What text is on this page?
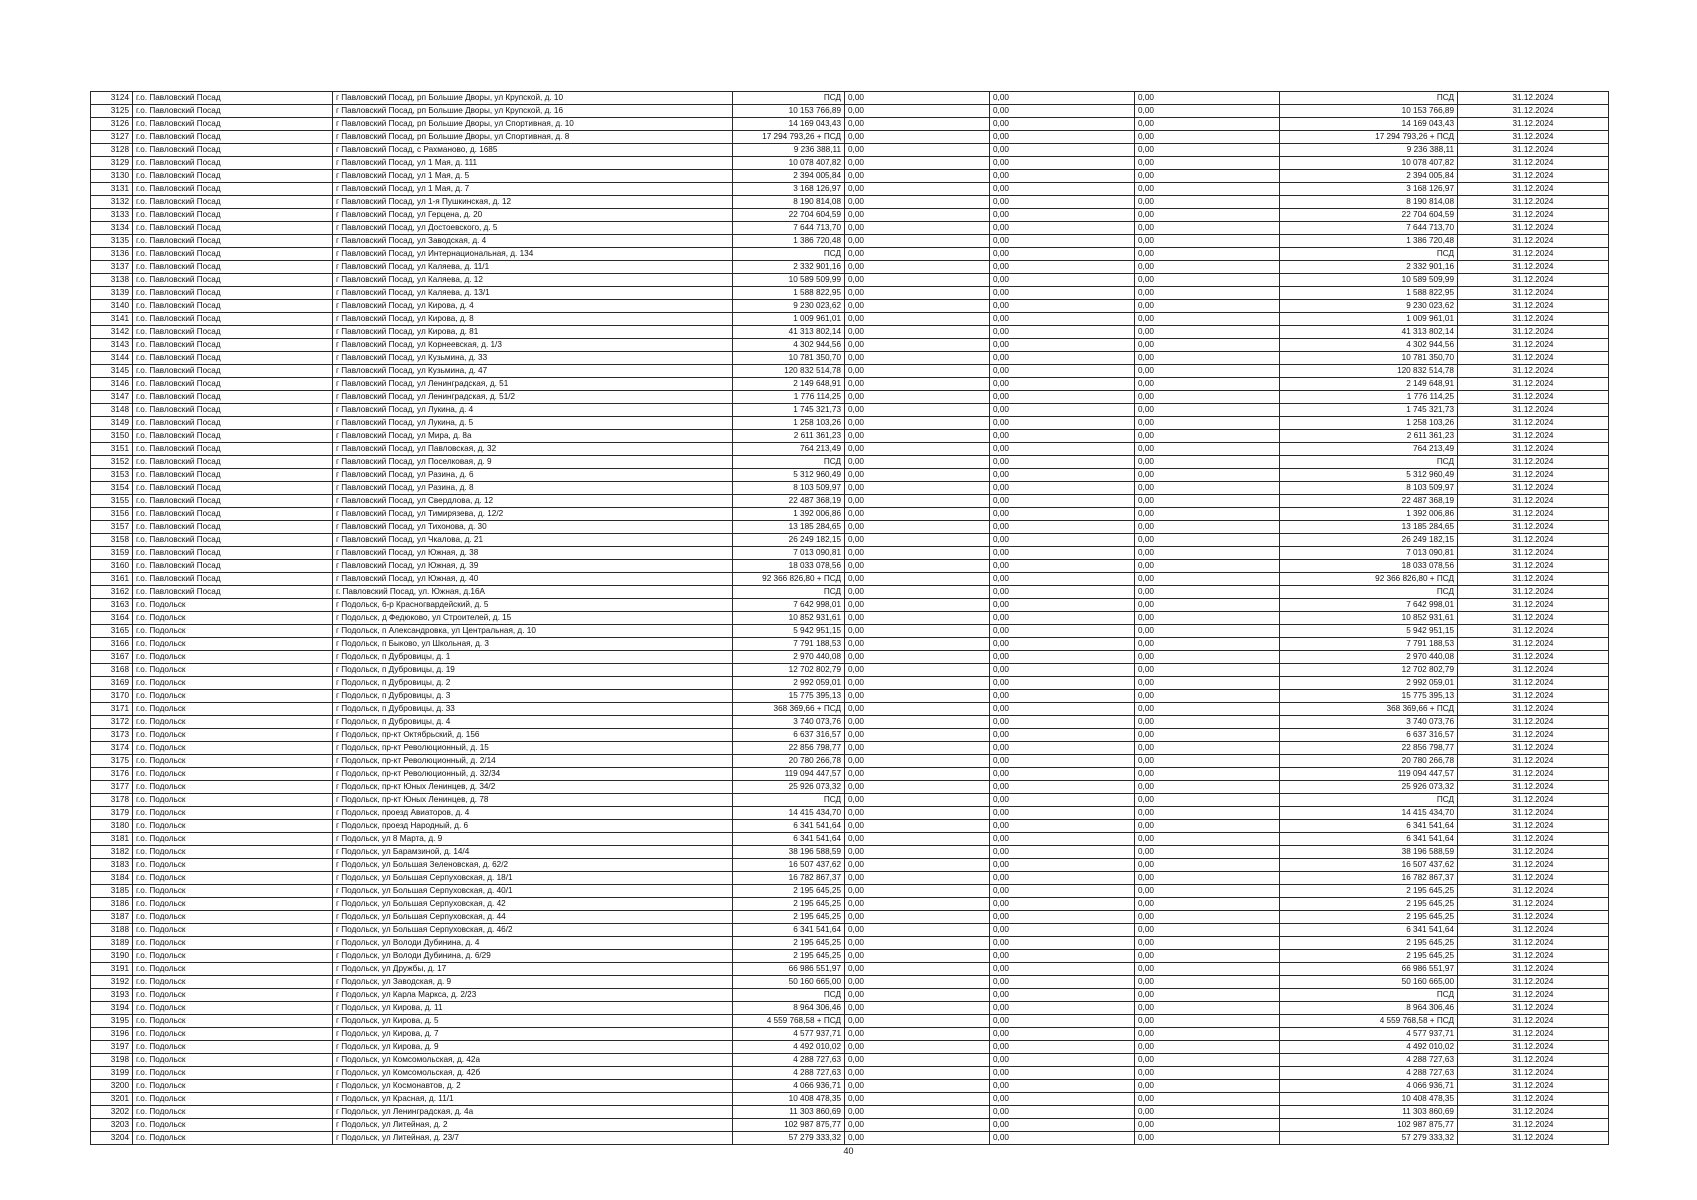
3124	г.о. Павловский Посад	г Павловский Посад, рп Большие Дворы, ул Крупской, д. 10	ПСД	0,00	0,00	0,00	ПСД	31.12.2024
3125	г.о. Павловский Посад	г Павловский Посад, рп Большие Дворы, ул Крупской, д. 16	10 153 766,89	0,00	0,00	0,00	10 153 766,89	31.12.2024
3126	г.о. Павловский Посад	г Павловский Посад, рп Большие Дворы, ул Спортивная, д. 10	14 169 043,43	0,00	0,00	0,00	14 169 043,43	31.12.2024
3127	г.о. Павловский Посад	г Павловский Посад, рп Большие Дворы, ул Спортивная, д. 8	17 294 793,26 + ПСД	0,00	0,00	0,00	17 294 793,26 + ПСД	31.12.2024
3128	г.о. Павловский Посад	г Павловский Посад, с Рахманово, д. 1685	9 236 388,11	0,00	0,00	0,00	9 236 388,11	31.12.2024
3129	г.о. Павловский Посад	г Павловский Посад, ул 1 Мая, д. 111	10 078 407,82	0,00	0,00	0,00	10 078 407,82	31.12.2024
3130	г.о. Павловский Посад	г Павловский Посад, ул 1 Мая, д. 5	2 394 005,84	0,00	0,00	0,00	2 394 005,84	31.12.2024
3131	г.о. Павловский Посад	г Павловский Посад, ул 1 Мая, д. 7	3 168 126,97	0,00	0,00	0,00	3 168 126,97	31.12.2024
3132	г.о. Павловский Посад	г Павловский Посад, ул 1-я Пушкинская, д. 12	8 190 814,08	0,00	0,00	0,00	8 190 814,08	31.12.2024
3133	г.о. Павловский Посад	г Павловский Посад, ул Герцена, д. 20	22 704 604,59	0,00	0,00	0,00	22 704 604,59	31.12.2024
3134	г.о. Павловский Посад	г Павловский Посад, ул Достоевского, д. 5	7 644 713,70	0,00	0,00	0,00	7 644 713,70	31.12.2024
3135	г.о. Павловский Посад	г Павловский Посад, ул Заводская, д. 4	1 386 720,48	0,00	0,00	0,00	1 386 720,48	31.12.2024
3136	г.о. Павловский Посад	г Павловский Посад, ул Интернациональная, д. 134	ПСД	0,00	0,00	0,00	ПСД	31.12.2024
3137	г.о. Павловский Посад	г Павловский Посад, ул Каляева, д. 11/1	2 332 901,16	0,00	0,00	0,00	2 332 901,16	31.12.2024
3138	г.о. Павловский Посад	г Павловский Посад, ул Каляева, д. 12	10 589 509,99	0,00	0,00	0,00	10 589 509,99	31.12.2024
3139	г.о. Павловский Посад	г Павловский Посад, ул Каляева, д. 13/1	1 588 822,95	0,00	0,00	0,00	1 588 822,95	31.12.2024
3140	г.о. Павловский Посад	г Павловский Посад, ул Кирова, д. 4	9 230 023,62	0,00	0,00	0,00	9 230 023,62	31.12.2024
3141	г.о. Павловский Посад	г Павловский Посад, ул Кирова, д. 8	1 009 961,01	0,00	0,00	0,00	1 009 961,01	31.12.2024
3142	г.о. Павловский Посад	г Павловский Посад, ул Кирова, д. 81	41 313 802,14	0,00	0,00	0,00	41 313 802,14	31.12.2024
3143	г.о. Павловский Посад	г Павловский Посад, ул Корнеевская, д. 1/3	4 302 944,56	0,00	0,00	0,00	4 302 944,56	31.12.2024
3144	г.о. Павловский Посад	г Павловский Посад, ул Кузьмина, д. 33	10 781 350,70	0,00	0,00	0,00	10 781 350,70	31.12.2024
3145	г.о. Павловский Посад	г Павловский Посад, ул Кузьмина, д. 47	120 832 514,78	0,00	0,00	0,00	120 832 514,78	31.12.2024
3146	г.о. Павловский Посад	г Павловский Посад, ул Ленинградская, д. 51	2 149 648,91	0,00	0,00	0,00	2 149 648,91	31.12.2024
3147	г.о. Павловский Посад	г Павловский Посад, ул Ленинградская, д. 51/2	1 776 114,25	0,00	0,00	0,00	1 776 114,25	31.12.2024
3148	г.о. Павловский Посад	г Павловский Посад, ул Лукина, д. 4	1 745 321,73	0,00	0,00	0,00	1 745 321,73	31.12.2024
3149	г.о. Павловский Посад	г Павловский Посад, ул Лукина, д. 5	1 258 103,26	0,00	0,00	0,00	1 258 103,26	31.12.2024
3150	г.о. Павловский Посад	г Павловский Посад, ул Мира, д. 8а	2 611 361,23	0,00	0,00	0,00	2 611 361,23	31.12.2024
3151	г.о. Павловский Посад	г Павловский Посад, ул Павловская, д. 32	764 213,49	0,00	0,00	0,00	764 213,49	31.12.2024
3152	г.о. Павловский Посад	г Павловский Посад, ул Поселковая, д. 9	ПСД	0,00	0,00	0,00	ПСД	31.12.2024
3153	г.о. Павловский Посад	г Павловский Посад, ул Разина, д. 6	5 312 960,49	0,00	0,00	0,00	5 312 960,49	31.12.2024
3154	г.о. Павловский Посад	г Павловский Посад, ул Разина, д. 8	8 103 509,97	0,00	0,00	0,00	8 103 509,97	31.12.2024
3155	г.о. Павловский Посад	г Павловский Посад, ул Свердлова, д. 12	22 487 368,19	0,00	0,00	0,00	22 487 368,19	31.12.2024
3156	г.о. Павловский Посад	г Павловский Посад, ул Тимирязева, д. 12/2	1 392 006,86	0,00	0,00	0,00	1 392 006,86	31.12.2024
3157	г.о. Павловский Посад	г Павловский Посад, ул Тихонова, д. 30	13 185 284,65	0,00	0,00	0,00	13 185 284,65	31.12.2024
3158	г.о. Павловский Посад	г Павловский Посад, ул Чкалова, д. 21	26 249 182,15	0,00	0,00	0,00	26 249 182,15	31.12.2024
3159	г.о. Павловский Посад	г Павловский Посад, ул Южная, д. 38	7 013 090,81	0,00	0,00	0,00	7 013 090,81	31.12.2024
3160	г.о. Павловский Посад	г Павловский Посад, ул Южная, д. 39	18 033 078,56	0,00	0,00	0,00	18 033 078,56	31.12.2024
3161	г.о. Павловский Посад	г Павловский Посад, ул Южная, д. 40	92 366 826,80 + ПСД	0,00	0,00	0,00	92 366 826,80 + ПСД	31.12.2024
3162	г.о. Павловский Посад	г. Павловский Посад, ул. Южная, д.16А	ПСД	0,00	0,00	0,00	ПСД	31.12.2024
3163	г.о. Подольск	г Подольск, 6-р Красногвардейский, д. 5	7 642 998,01	0,00	0,00	0,00	7 642 998,01	31.12.2024
3164	г.о. Подольск	г Подольск, д Федюково, ул Строителей, д. 15	10 852 931,61	0,00	0,00	0,00	10 852 931,61	31.12.2024
3165	г.о. Подольск	г Подольск, п Александровка, ул Центральная, д. 10	5 942 951,15	0,00	0,00	0,00	5 942 951,15	31.12.2024
3166	г.о. Подольск	г Подольск, п Быково, ул Школьная, д. 3	7 791 188,53	0,00	0,00	0,00	7 791 188,53	31.12.2024
3167	г.о. Подольск	г Подольск, п Дубровицы, д. 1	2 970 440,08	0,00	0,00	0,00	2 970 440,08	31.12.2024
3168	г.о. Подольск	г Подольск, п Дубровицы, д. 19	12 702 802,79	0,00	0,00	0,00	12 702 802,79	31.12.2024
3169	г.о. Подольск	г Подольск, п Дубровицы, д. 2	2 992 059,01	0,00	0,00	0,00	2 992 059,01	31.12.2024
3170	г.о. Подольск	г Подольск, п Дубровицы, д. 3	15 775 395,13	0,00	0,00	0,00	15 775 395,13	31.12.2024
3171	г.о. Подольск	г Подольск, п Дубровицы, д. 33	368 369,66 + ПСД	0,00	0,00	0,00	368 369,66 + ПСД	31.12.2024
3172	г.о. Подольск	г Подольск, п Дубровицы, д. 4	3 740 073,76	0,00	0,00	0,00	3 740 073,76	31.12.2024
3173	г.о. Подольск	г Подольск, пр-кт Октябрьский, д. 156	6 637 316,57	0,00	0,00	0,00	6 637 316,57	31.12.2024
3174	г.о. Подольск	г Подольск, пр-кт Революционный, д. 15	22 856 798,77	0,00	0,00	0,00	22 856 798,77	31.12.2024
3175	г.о. Подольск	г Подольск, пр-кт Революционный, д. 2/14	20 780 266,78	0,00	0,00	0,00	20 780 266,78	31.12.2024
3176	г.о. Подольск	г Подольск, пр-кт Революционный, д. 32/34	119 094 447,57	0,00	0,00	0,00	119 094 447,57	31.12.2024
3177	г.о. Подольск	г Подольск, пр-кт Юных Ленинцев, д. 34/2	25 926 073,32	0,00	0,00	0,00	25 926 073,32	31.12.2024
3178	г.о. Подольск	г Подольск, пр-кт Юных Ленинцев, д. 78	ПСД	0,00	0,00	0,00	ПСД	31.12.2024
3179	г.о. Подольск	г Подольск, проезд Авиаторов, д. 4	14 415 434,70	0,00	0,00	0,00	14 415 434,70	31.12.2024
3180	г.о. Подольск	г Подольск, проезд Народный, д. 6	6 341 541,64	0,00	0,00	0,00	6 341 541,64	31.12.2024
3181	г.о. Подольск	г Подольск, ул 8 Марта, д. 9	6 341 541,64	0,00	0,00	0,00	6 341 541,64	31.12.2024
3182	г.о. Подольск	г Подольск, ул Барамзиной, д. 14/4	38 196 588,59	0,00	0,00	0,00	38 196 588,59	31.12.2024
3183	г.о. Подольск	г Подольск, ул Большая Зеленовская, д. 62/2	16 507 437,62	0,00	0,00	0,00	16 507 437,62	31.12.2024
3184	г.о. Подольск	г Подольск, ул Большая Серпуховская, д. 18/1	16 782 867,37	0,00	0,00	0,00	16 782 867,37	31.12.2024
3185	г.о. Подольск	г Подольск, ул Большая Серпуховская, д. 40/1	2 195 645,25	0,00	0,00	0,00	2 195 645,25	31.12.2024
3186	г.о. Подольск	г Подольск, ул Большая Серпуховская, д. 42	2 195 645,25	0,00	0,00	0,00	2 195 645,25	31.12.2024
3187	г.о. Подольск	г Подольск, ул Большая Серпуховская, д. 44	2 195 645,25	0,00	0,00	0,00	2 195 645,25	31.12.2024
3188	г.о. Подольск	г Подольск, ул Большая Серпуховская, д. 46/2	6 341 541,64	0,00	0,00	0,00	6 341 541,64	31.12.2024
3189	г.о. Подольск	г Подольск, ул Володи Дубинина, д. 4	2 195 645,25	0,00	0,00	0,00	2 195 645,25	31.12.2024
3190	г.о. Подольск	г Подольск, ул Володи Дубинина, д. 6/29	2 195 645,25	0,00	0,00	0,00	2 195 645,25	31.12.2024
3191	г.о. Подольск	г Подольск, ул Дружбы, д. 17	66 986 551,97	0,00	0,00	0,00	66 986 551,97	31.12.2024
3192	г.о. Подольск	г Подольск, ул Заводская, д. 9	50 160 665,00	0,00	0,00	0,00	50 160 665,00	31.12.2024
3193	г.о. Подольск	г Подольск, ул Карла Маркса, д. 2/23	ПСД	0,00	0,00	0,00	ПСД	31.12.2024
3194	г.о. Подольск	г Подольск, ул Кирова, д. 11	8 964 306,46	0,00	0,00	0,00	8 964 306,46	31.12.2024
3195	г.о. Подольск	г Подольск, ул Кирова, д. 5	4 559 768,58 + ПСД	0,00	0,00	0,00	4 559 768,58 + ПСД	31.12.2024
3196	г.о. Подольск	г Подольск, ул Кирова, д. 7	4 577 937,71	0,00	0,00	0,00	4 577 937,71	31.12.2024
3197	г.о. Подольск	г Подольск, ул Кирова, д. 9	4 492 010,02	0,00	0,00	0,00	4 492 010,02	31.12.2024
3198	г.о. Подольск	г Подольск, ул Комсомольская, д. 42а	4 288 727,63	0,00	0,00	0,00	4 288 727,63	31.12.2024
3199	г.о. Подольск	г Подольск, ул Комсомольская, д. 42б	4 288 727,63	0,00	0,00	0,00	4 288 727,63	31.12.2024
3200	г.о. Подольск	г Подольск, ул Космонавтов, д. 2	4 066 936,71	0,00	0,00	0,00	4 066 936,71	31.12.2024
3201	г.о. Подольск	г Подольск, ул Красная, д. 11/1	10 408 478,35	0,00	0,00	0,00	10 408 478,35	31.12.2024
3202	г.о. Подольск	г Подольск, ул Ленинградская, д. 4а	11 303 860,69	0,00	0,00	0,00	11 303 860,69	31.12.2024
3203	г.о. Подольск	г Подольск, ул Литейная, д. 2	102 987 875,77	0,00	0,00	0,00	102 987 875,77	31.12.2024
3204	г.о. Подольск	г Подольск, ул Литейная, д. 23/7	57 279 333,32	0,00	0,00	0,00	57 279 333,32	31.12.2024
40
